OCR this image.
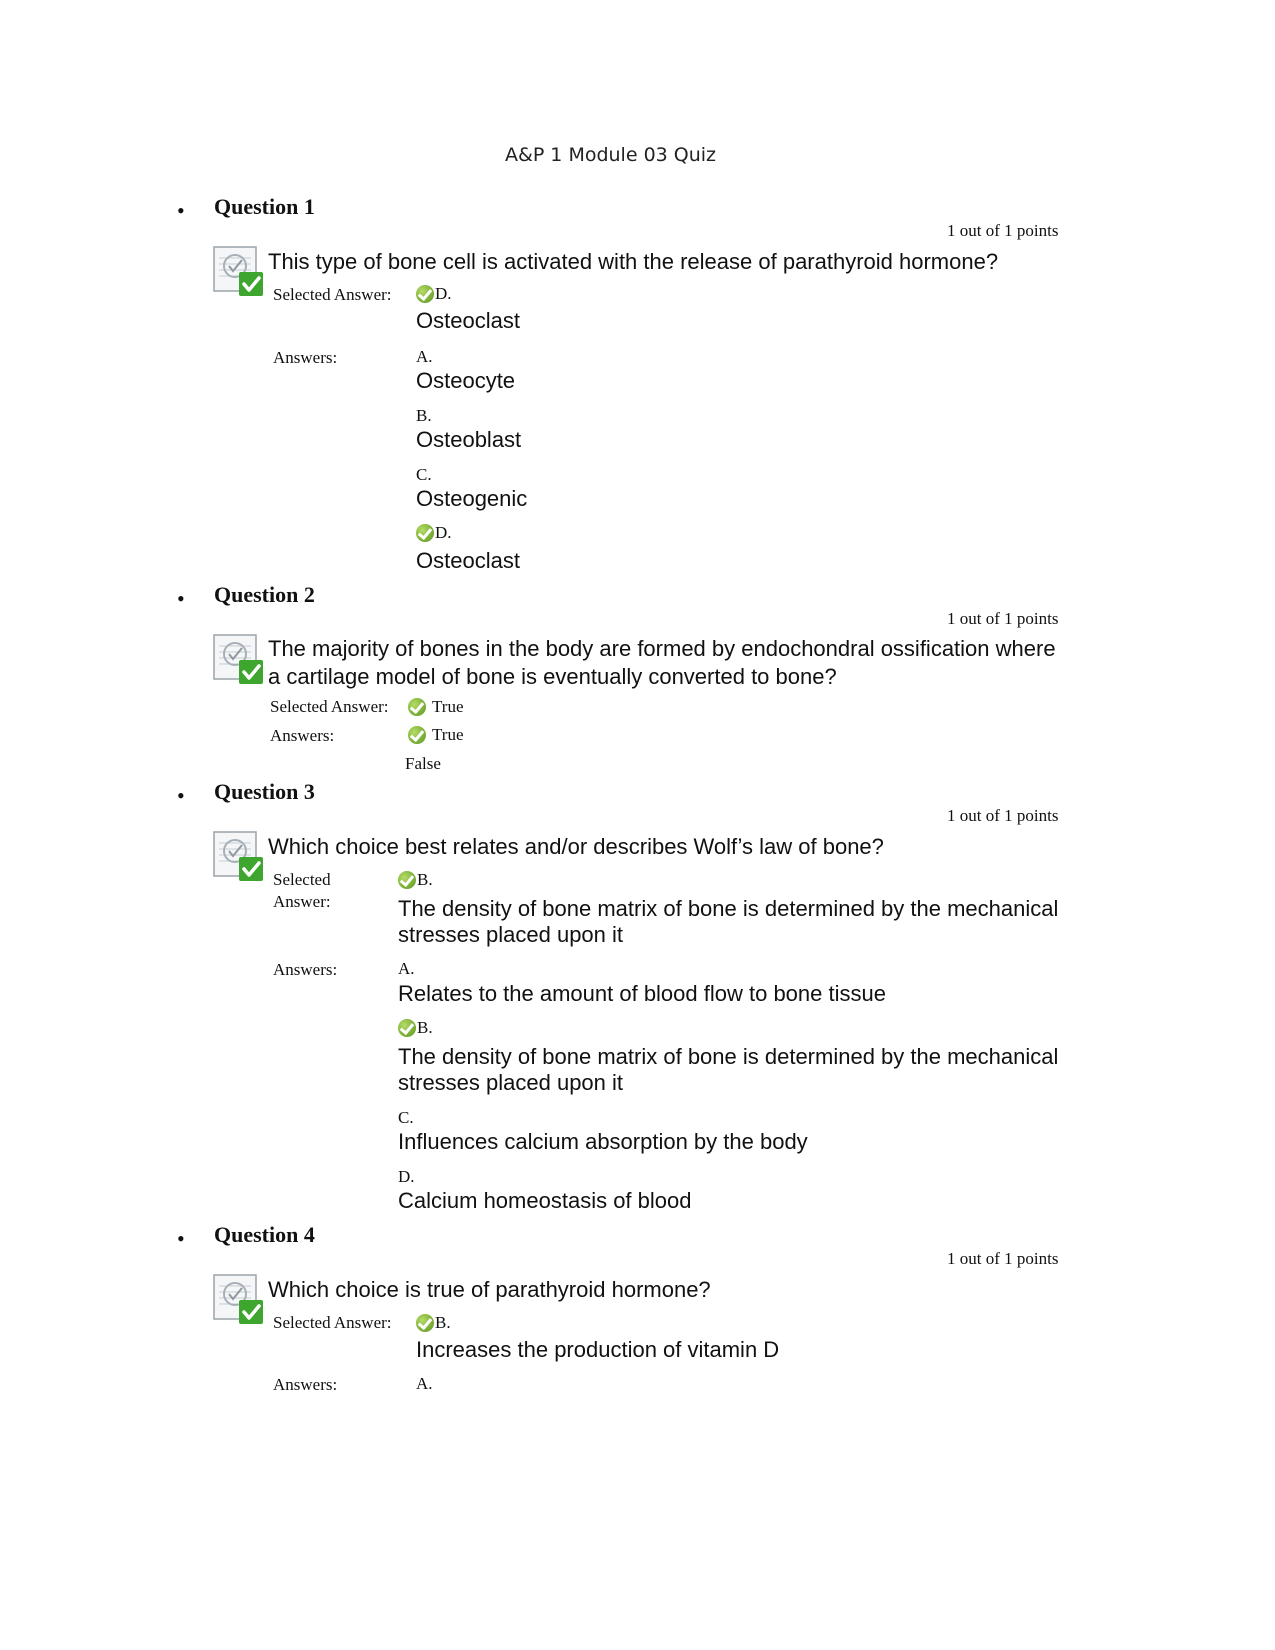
A&P 1 Module 03 Quiz
• Question 1
1 out of 1 points
This type of bone cell is activated with the release of parathyroid hormone?
Selected Answer:	D.
Osteoclast
Answers:	A.
Osteocyte
B.
Osteoblast
C.
Osteogenic
D.
Osteoclast
• Question 2
1 out of 1 points
The majority of bones in the body are formed by endochondral ossification where
a cartilage model of bone is eventually converted to bone?
Selected Answer:	True
Answers:	True
False
• Question 3
1 out of 1 points
Which choice best relates and/or describes Wolf’s law of bone?
Selected
Answer:
B.
The density of bone matrix of bone is determined by the mechanical
stresses placed upon it
Answers:	A.
Relates to the amount of blood flow to bone tissue
B.
The density of bone matrix of bone is determined by the mechanical
stresses placed upon it
C.
Influences calcium absorption by the body
D.
Calcium homeostasis of blood
• Question 4
1 out of 1 points
Which choice is true of parathyroid hormone?
Selected Answer:	B.
Increases the production of vitamin D
Answers:	A.
